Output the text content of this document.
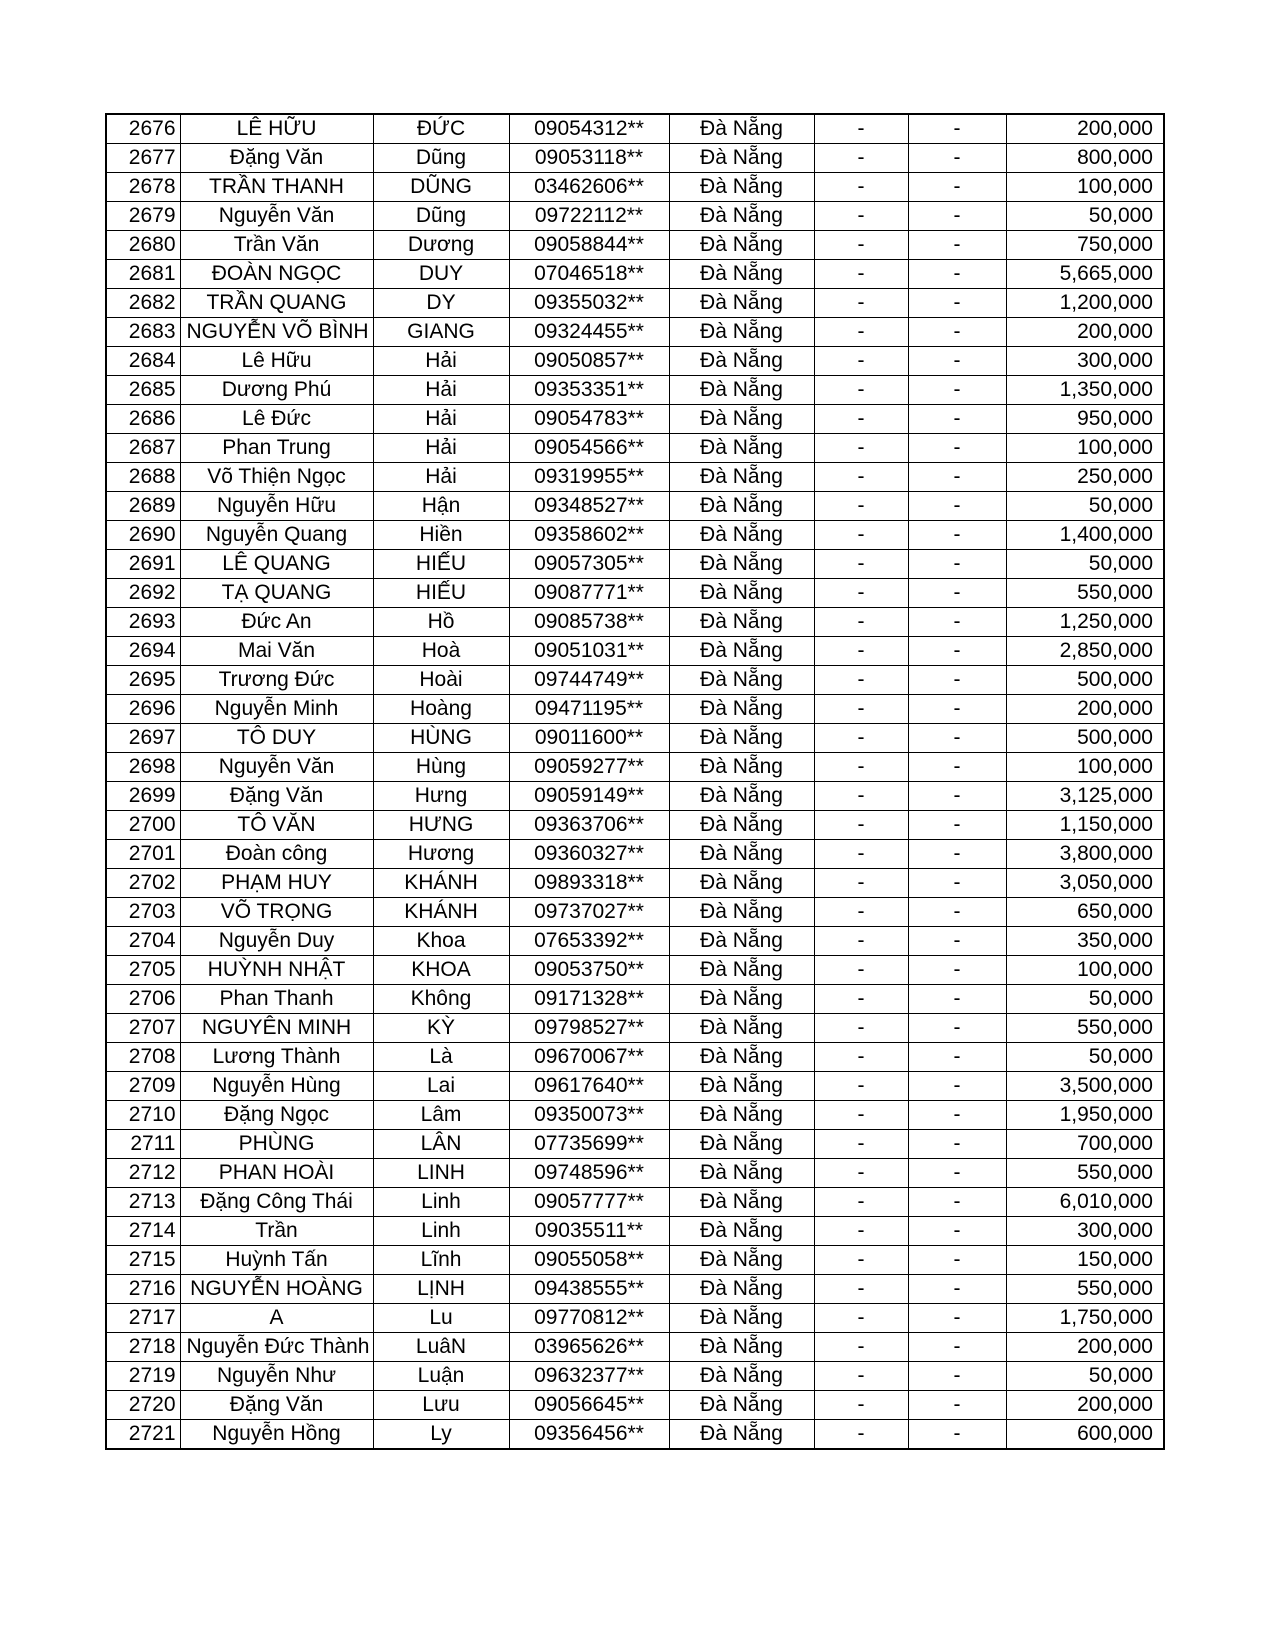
2676	LÊ HỮU	ĐỨC	09054312**	Đà Nẵng	-	-	200,000
2677	Đặng Văn	Dũng	09053118**	Đà Nẵng	-	-	800,000
2678	TRẦN THANH	DŨNG	03462606**	Đà Nẵng	-	-	100,000
2679	Nguyễn Văn	Dũng	09722112**	Đà Nẵng	-	-	50,000
2680	Trần Văn	Dương	09058844**	Đà Nẵng	-	-	750,000
2681	ĐOÀN NGỌC	DUY	07046518**	Đà Nẵng	-	-	5,665,000
2682	TRẦN QUANG	DY	09355032**	Đà Nẵng	-	-	1,200,000
2683	NGUYỄN VÕ BÌNH	GIANG	09324455**	Đà Nẵng	-	-	200,000
2684	Lê Hữu	Hải	09050857**	Đà Nẵng	-	-	300,000
2685	Dương Phú	Hải	09353351**	Đà Nẵng	-	-	1,350,000
2686	Lê Đức	Hải	09054783**	Đà Nẵng	-	-	950,000
2687	Phan Trung	Hải	09054566**	Đà Nẵng	-	-	100,000
2688	Võ Thiện Ngọc	Hải	09319955**	Đà Nẵng	-	-	250,000
2689	Nguyễn Hữu	Hận	09348527**	Đà Nẵng	-	-	50,000
2690	Nguyễn Quang	Hiền	09358602**	Đà Nẵng	-	-	1,400,000
2691	LÊ QUANG	HIẾU	09057305**	Đà Nẵng	-	-	50,000
2692	TẠ QUANG	HIẾU	09087771**	Đà Nẵng	-	-	550,000
2693	Đức An	Hồ	09085738**	Đà Nẵng	-	-	1,250,000
2694	Mai Văn	Hoà	09051031**	Đà Nẵng	-	-	2,850,000
2695	Trương Đức	Hoài	09744749**	Đà Nẵng	-	-	500,000
2696	Nguyễn Minh	Hoàng	09471195**	Đà Nẵng	-	-	200,000
2697	TÔ DUY	HÙNG	09011600**	Đà Nẵng	-	-	500,000
2698	Nguyễn Văn	Hùng	09059277**	Đà Nẵng	-	-	100,000
2699	Đặng Văn	Hưng	09059149**	Đà Nẵng	-	-	3,125,000
2700	TÔ VĂN	HƯNG	09363706**	Đà Nẵng	-	-	1,150,000
2701	Đoàn công	Hương	09360327**	Đà Nẵng	-	-	3,800,000
2702	PHẠM HUY	KHÁNH	09893318**	Đà Nẵng	-	-	3,050,000
2703	VÕ TRỌNG	KHÁNH	09737027**	Đà Nẵng	-	-	650,000
2704	Nguyễn Duy	Khoa	07653392**	Đà Nẵng	-	-	350,000
2705	HUỲNH NHẬT	KHOA	09053750**	Đà Nẵng	-	-	100,000
2706	Phan Thanh	Không	09171328**	Đà Nẵng	-	-	50,000
2707	NGUYÊN MINH	KỲ	09798527**	Đà Nẵng	-	-	550,000
2708	Lương Thành	Là	09670067**	Đà Nẵng	-	-	50,000
2709	Nguyễn Hùng	Lai	09617640**	Đà Nẵng	-	-	3,500,000
2710	Đặng Ngọc	Lâm	09350073**	Đà Nẵng	-	-	1,950,000
2711	PHÙNG	LÂN	07735699**	Đà Nẵng	-	-	700,000
2712	PHAN HOÀI	LINH	09748596**	Đà Nẵng	-	-	550,000
2713	Đặng Công Thái	Linh	09057777**	Đà Nẵng	-	-	6,010,000
2714	Trần	Linh	09035511**	Đà Nẵng	-	-	300,000
2715	Huỳnh Tấn	Lĩnh	09055058**	Đà Nẵng	-	-	150,000
2716	NGUYỄN HOÀNG	LỊNH	09438555**	Đà Nẵng	-	-	550,000
2717	A	Lu	09770812**	Đà Nẵng	-	-	1,750,000
2718	Nguyễn Đức Thành	LuâN	03965626**	Đà Nẵng	-	-	200,000
2719	Nguyễn Như	Luận	09632377**	Đà Nẵng	-	-	50,000
2720	Đặng Văn	Lưu	09056645**	Đà Nẵng	-	-	200,000
2721	Nguyễn Hồng	Ly	09356456**	Đà Nẵng	-	-	600,000
